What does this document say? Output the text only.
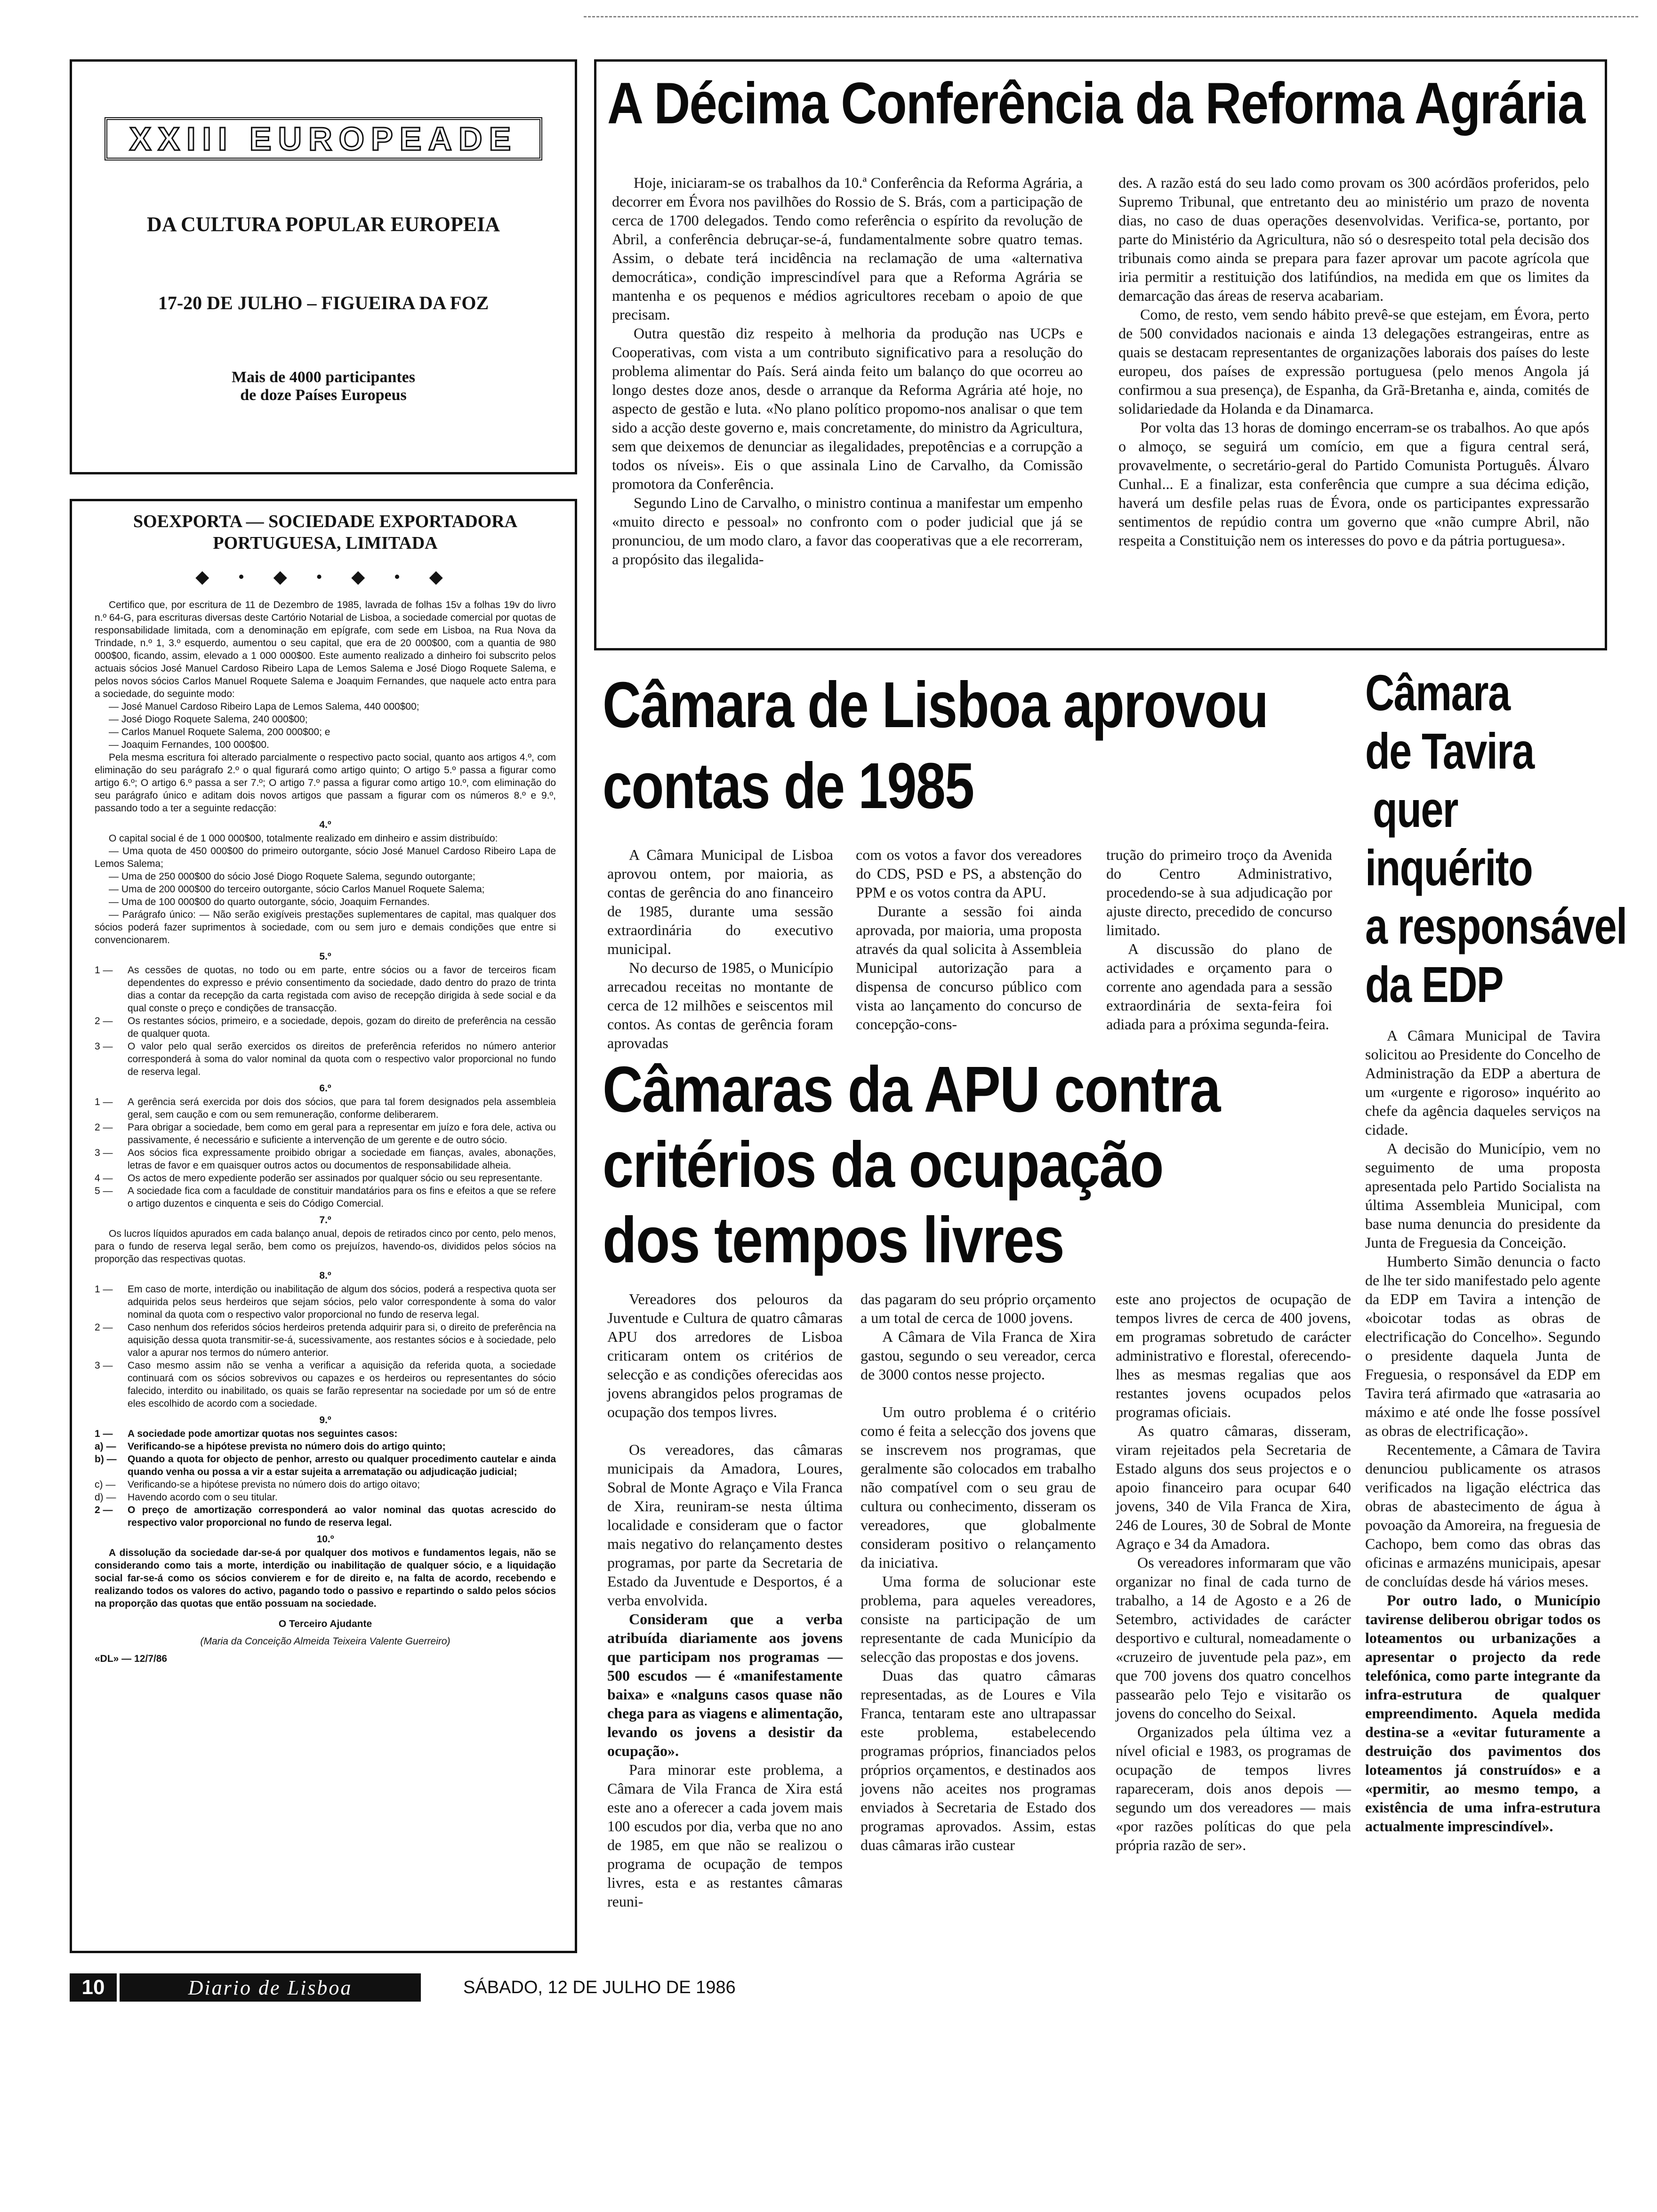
XXIII EUROPEADE
DA CULTURA POPULAR EUROPEIA
17-20 DE JULHO – FIGUEIRA DA FOZ
Mais de 4000 participantes
de doze Países Europeus
SOEXPORTA — SOCIEDADE EXPORTADORA
PORTUGUESA, LIMITADA
◆ • ◆ • ◆ • ◆

Certifico que, por escritura de 11 de Dezembro de 1985, lavrada de folhas 15v a folhas 19v do livro n.º 64-G, para escrituras diversas deste Cartório Notarial de Lisboa, a sociedade comercial por quotas de responsabilidade limitada, com a denominação em epígrafe, com sede em Lisboa, na Rua Nova da Trindade, n.º 1, 3.º esquerdo, aumentou o seu capital, que era de 20 000$00, com a quantia de 980 000$00, ficando, assim, elevado a 1 000 000$00. Este aumento realizado a dinheiro foi subscrito pelos actuais sócios José Manuel Cardoso Ribeiro Lapa de Lemos Salema e José Diogo Roquete Salema, e pelos novos sócios Carlos Manuel Roquete Salema e Joaquim Fernandes, que naquele acto entra para a sociedade, do seguinte modo:

— José Manuel Cardoso Ribeiro Lapa de Lemos Salema, 440 000$00;

— José Diogo Roquete Salema, 240 000$00;

— Carlos Manuel Roquete Salema, 200 000$00; e

— Joaquim Fernandes, 100 000$00.

Pela mesma escritura foi alterado parcialmente o respectivo pacto social, quanto aos artigos 4.º, com eliminação do seu parágrafo 2.º o qual figurará como artigo quinto; O artigo 5.º passa a figurar como artigo 6.º; O artigo 6.º passa a ser 7.º; O artigo 7.º passa a figurar como artigo 10.º, com eliminação do seu parágrafo único e aditam dois novos artigos que passam a figurar com os números 8.º e 9.º, passando todo a ter a seguinte redacção:

4.º

O capital social é de 1 000 000$00, totalmente realizado em dinheiro e assim distribuído:

— Uma quota de 450 000$00 do primeiro outorgante, sócio José Manuel Cardoso Ribeiro Lapa de Lemos Salema;

— Uma de 250 000$00 do sócio José Diogo Roquete Salema, segundo outorgante;

— Uma de 200 000$00 do terceiro outorgante, sócio Carlos Manuel Roquete Salema;

— Uma de 100 000$00 do quarto outorgante, sócio, Joaquim Fernandes.

— Parágrafo único: — Não serão exigíveis prestações suplementares de capital, mas qualquer dos sócios poderá fazer suprimentos à sociedade, com ou sem juro e demais condições que entre si convencionarem.

5.º
1 —	As cessões de quotas, no todo ou em parte, entre sócios ou a favor de terceiros ficam dependentes do expresso e prévio consentimento da sociedade, dado dentro do prazo de trinta dias a contar da recepção da carta registada com aviso de recepção dirigida à sede social e da qual conste o preço e condições de transacção.
2 —	Os restantes sócios, primeiro, e a sociedade, depois, gozam do direito de preferência na cessão de qualquer quota.
3 —	O valor pelo qual serão exercidos os direitos de preferência referidos no número anterior corresponderá à soma do valor nominal da quota com o respectivo valor proporcional no fundo de reserva legal.
6.º
1 —	A gerência será exercida por dois dos sócios, que para tal forem designados pela assembleia geral, sem caução e com ou sem remuneração, conforme deliberarem.
2 —	Para obrigar a sociedade, bem como em geral para a representar em juízo e fora dele, activa ou passivamente, é necessário e suficiente a intervenção de um gerente e de outro sócio.
3 —	Aos sócios fica expressamente proibido obrigar a sociedade em fianças, avales, abonações, letras de favor e em quaisquer outros actos ou documentos de responsabilidade alheia.
4 —	Os actos de mero expediente poderão ser assinados por qualquer sócio ou seu representante.
5 —	A sociedade fica com a faculdade de constituir mandatários para os fins e efeitos a que se refere o artigo duzentos e cinquenta e seis do Código Comercial.
7.º

Os lucros líquidos apurados em cada balanço anual, depois de retirados cinco por cento, pelo menos, para o fundo de reserva legal serão, bem como os prejuízos, havendo-os, divididos pelos sócios na proporção das respectivas quotas.

8.º
1 —	Em caso de morte, interdição ou inabilitação de algum dos sócios, poderá a respectiva quota ser adquirida pelos seus herdeiros que sejam sócios, pelo valor correspondente à soma do valor nominal da quota com o respectivo valor proporcional no fundo de reserva legal.
2 —	Caso nenhum dos referidos sócios herdeiros pretenda adquirir para si, o direito de preferência na aquisição dessa quota transmitir-se-á, sucessivamente, aos restantes sócios e à sociedade, pelo valor a apurar nos termos do número anterior.
3 —	Caso mesmo assim não se venha a verificar a aquisição da referida quota, a sociedade continuará com os sócios sobrevivos ou capazes e os herdeiros ou representantes do sócio falecido, interdito ou inabilitado, os quais se farão representar na sociedade por um só de entre eles escolhido de acordo com a sociedade.
9.º
1 —	A sociedade pode amortizar quotas nos seguintes casos:
a) —	Verificando-se a hipótese prevista no número dois do artigo quinto;
b) —	Quando a quota for objecto de penhor, arresto ou qualquer procedimento cautelar e ainda quando venha ou possa a vir a estar sujeita a arrematação ou adjudicação judicial;
c) —	Verificando-se a hipótese prevista no número dois do artigo oitavo;
d) —	Havendo acordo com o seu titular.
2 —	O preço de amortização corresponderá ao valor nominal das quotas acrescido do respectivo valor proporcional no fundo de reserva legal.
10.º

A dissolução da sociedade dar-se-á por qualquer dos motivos e fundamentos legais, não se considerando como tais a morte, interdição ou inabilitação de qualquer sócio, e a liquidação social far-se-á como os sócios convierem e for de direito e, na falta de acordo, recebendo e realizando todos os valores do activo, pagando todo o passivo e repartindo o saldo pelos sócios na proporção das quotas que então possuam na sociedade.

O Terceiro Ajudante
(Maria da Conceição Almeida Teixeira Valente Guerreiro)
«DL» — 12/7/86
A Décima Conferência da Reforma Agrária

Hoje, iniciaram-se os trabalhos da 10.ª Conferência da Reforma Agrária, a decorrer em Évora nos pavilhões do Rossio de S. Brás, com a participação de cerca de 1700 delegados. Tendo como referência o espírito da revolução de Abril, a conferência debruçar-se-á, fundamentalmente sobre quatro temas. Assim, o debate terá incidência na reclamação de uma «alternativa democrática», condição imprescindível para que a Reforma Agrária se mantenha e os pequenos e médios agricultores recebam o apoio de que precisam.

Outra questão diz respeito à melhoria da produção nas UCPs e Cooperativas, com vista a um contributo significativo para a resolução do problema alimentar do País. Será ainda feito um balanço do que ocorreu ao longo destes doze anos, desde o arranque da Reforma Agrária até hoje, no aspecto de gestão e luta. «No plano político propomo-nos analisar o que tem sido a acção deste governo e, mais concretamente, do ministro da Agricultura, sem que deixemos de denunciar as ilegalidades, prepotências e a corrupção a todos os níveis». Eis o que assinala Lino de Carvalho, da Comissão promotora da Conferência.

Segundo Lino de Carvalho, o ministro continua a manifestar um empenho «muito directo e pessoal» no confronto com o poder judicial que já se pronunciou, de um modo claro, a favor das cooperativas que a ele recorreram, a propósito das ilegalida-

des. A razão está do seu lado como provam os 300 acórdãos proferidos, pelo Supremo Tribunal, que entretanto deu ao ministério um prazo de noventa dias, no caso de duas operações desenvolvidas. Verifica-se, portanto, por parte do Ministério da Agricultura, não só o desrespeito total pela decisão dos tribunais como ainda se prepara para fazer aprovar um pacote agrícola que iria permitir a restituição dos latifúndios, na medida em que os limites da demarcação das áreas de reserva acabariam.

Como, de resto, vem sendo hábito prevê-se que estejam, em Évora, perto de 500 convidados nacionais e ainda 13 delegações estrangeiras, entre as quais se destacam representantes de organizações laborais dos países do leste europeu, dos países de expressão portuguesa (pelo menos Angola já confirmou a sua presença), de Espanha, da Grã-Bretanha e, ainda, comités de solidariedade da Holanda e da Dinamarca.

Por volta das 13 horas de domingo encerram-se os trabalhos. Ao que após o almoço, se seguirá um comício, em que a figura central será, provavelmente, o secretário-geral do Partido Comunista Português. Álvaro Cunhal... E a finalizar, esta conferência que cumpre a sua décima edição, haverá um desfile pelas ruas de Évora, onde os participantes expressarão sentimentos de repúdio contra um governo que «não cumpre Abril, não respeita a Constituição nem os interesses do povo e da pátria portuguesa».

Câmara de Lisboa aprovou
contas de 1985

A Câmara Municipal de Lisboa aprovou ontem, por maioria, as contas de gerência do ano financeiro de 1985, durante uma sessão extraordinária do executivo municipal.

No decurso de 1985, o Município arrecadou receitas no montante de cerca de 12 milhões e seiscentos mil contos. As contas de gerência foram aprovadas

com os votos a favor dos vereadores do CDS, PSD e PS, a abstenção do PPM e os votos contra da APU.

Durante a sessão foi ainda aprovada, por maioria, uma proposta através da qual solicita à Assembleia Municipal autorização para a dispensa de concurso público com vista ao lançamento do concurso de concepção-cons-

trução do primeiro troço da Avenida do Centro Administrativo, procedendo-se à sua adjudicação por ajuste directo, precedido de concurso limitado.

A discussão do plano de actividades e orçamento para o corrente ano agendada para a sessão extraordinária de sexta-feira foi adiada para a próxima segunda-feira.

Câmaras da APU contra
critérios da ocupação
dos tempos livres

Vereadores dos pelouros da Juventude e Cultura de quatro câmaras APU dos arredores de Lisboa criticaram ontem os critérios de selecção e as condições oferecidas aos jovens abrangidos pelos programas de ocupação dos tempos livres.

Os vereadores, das câmaras municipais da Amadora, Loures, Sobral de Monte Agraço e Vila Franca de Xira, reuniram-se nesta última localidade e consideram que o factor mais negativo do relançamento destes programas, por parte da Secretaria de Estado da Juventude e Desportos, é a verba envolvida.

Consideram que a verba atribuída diariamente aos jovens que participam nos programas — 500 escudos — é «manifestamente baixa» e «nalguns casos quase não chega para as viagens e alimentação, levando os jovens a desistir da ocupação».

Para minorar este problema, a Câmara de Vila Franca de Xira está este ano a oferecer a cada jovem mais 100 escudos por dia, verba que no ano de 1985, em que não se realizou o programa de ocupação de tempos livres, esta e as restantes câmaras reuni-

das pagaram do seu próprio orçamento a um total de cerca de 1000 jovens.

A Câmara de Vila Franca de Xira gastou, segundo o seu vereador, cerca de 3000 contos nesse projecto.

Um outro problema é o critério como é feita a selecção dos jovens que se inscrevem nos programas, que geralmente são colocados em trabalho não compatível com o seu grau de cultura ou conhecimento, disseram os vereadores, que globalmente consideram positivo o relançamento da iniciativa.

Uma forma de solucionar este problema, para aqueles vereadores, consiste na participação de um representante de cada Município da selecção das propostas e dos jovens.

Duas das quatro câmaras representadas, as de Loures e Vila Franca, tentaram este ano ultrapassar este problema, estabelecendo programas próprios, financiados pelos próprios orçamentos, e destinados aos jovens não aceites nos programas enviados à Secretaria de Estado dos programas aprovados. Assim, estas duas câmaras irão custear

este ano projectos de ocupação de tempos livres de cerca de 400 jovens, em programas sobretudo de carácter administrativo e florestal, oferecendo-lhes as mesmas regalias que aos restantes jovens ocupados pelos programas oficiais.

As quatro câmaras, disseram, viram rejeitados pela Secretaria de Estado alguns dos seus projectos e o apoio financeiro para ocupar 640 jovens, 340 de Vila Franca de Xira, 246 de Loures, 30 de Sobral de Monte Agraço e 34 da Amadora.

Os vereadores informaram que vão organizar no final de cada turno de trabalho, a 14 de Agosto e a 26 de Setembro, actividades de carácter desportivo e cultural, nomeadamente o «cruzeiro de juventude pela paz», em que 700 jovens dos quatro concelhos passearão pelo Tejo e visitarão os jovens do concelho do Seixal.

Organizados pela última vez a nível oficial e 1983, os programas de ocupação de tempos livres rapareceram, dois anos depois — segundo um dos vereadores — mais «por razões políticas do que pela própria razão de ser».

Câmara
de Tavira
quer
inquérito
a responsável
da EDP

A Câmara Municipal de Tavira solicitou ao Presidente do Concelho de Administração da EDP a abertura de um «urgente e rigoroso» inquérito ao chefe da agência daqueles serviços na cidade.

A decisão do Município, vem no seguimento de uma proposta apresentada pelo Partido Socialista na última Assembleia Municipal, com base numa denuncia do presidente da Junta de Freguesia da Conceição.

Humberto Simão denuncia o facto de lhe ter sido manifestado pelo agente da EDP em Tavira a intenção de «boicotar todas as obras de electrificação do Concelho». Segundo o presidente daquela Junta de Freguesia, o responsável da EDP em Tavira terá afirmado que «atrasaria ao máximo e até onde lhe fosse possível as obras de electrificação».

Recentemente, a Câmara de Tavira denunciou publicamente os atrasos verificados na ligação eléctrica das obras de abastecimento de água à povoação da Amoreira, na freguesia de Cachopo, bem como das obras das oficinas e armazéns municipais, apesar de concluídas desde há vários meses.

Por outro lado, o Município tavirense deliberou obrigar todos os loteamentos ou urbanizações a apresentar o projecto da rede telefónica, como parte integrante da infra-estrutura de qualquer empreendimento. Aquela medida destina-se a «evitar futuramente a destruição dos pavimentos dos loteamentos já construídos» e a «permitir, ao mesmo tempo, a existência de uma infra-estrutura actualmente imprescindível».

10	Diario de Lisboa	SÁBADO, 12 DE JULHO DE 1986
